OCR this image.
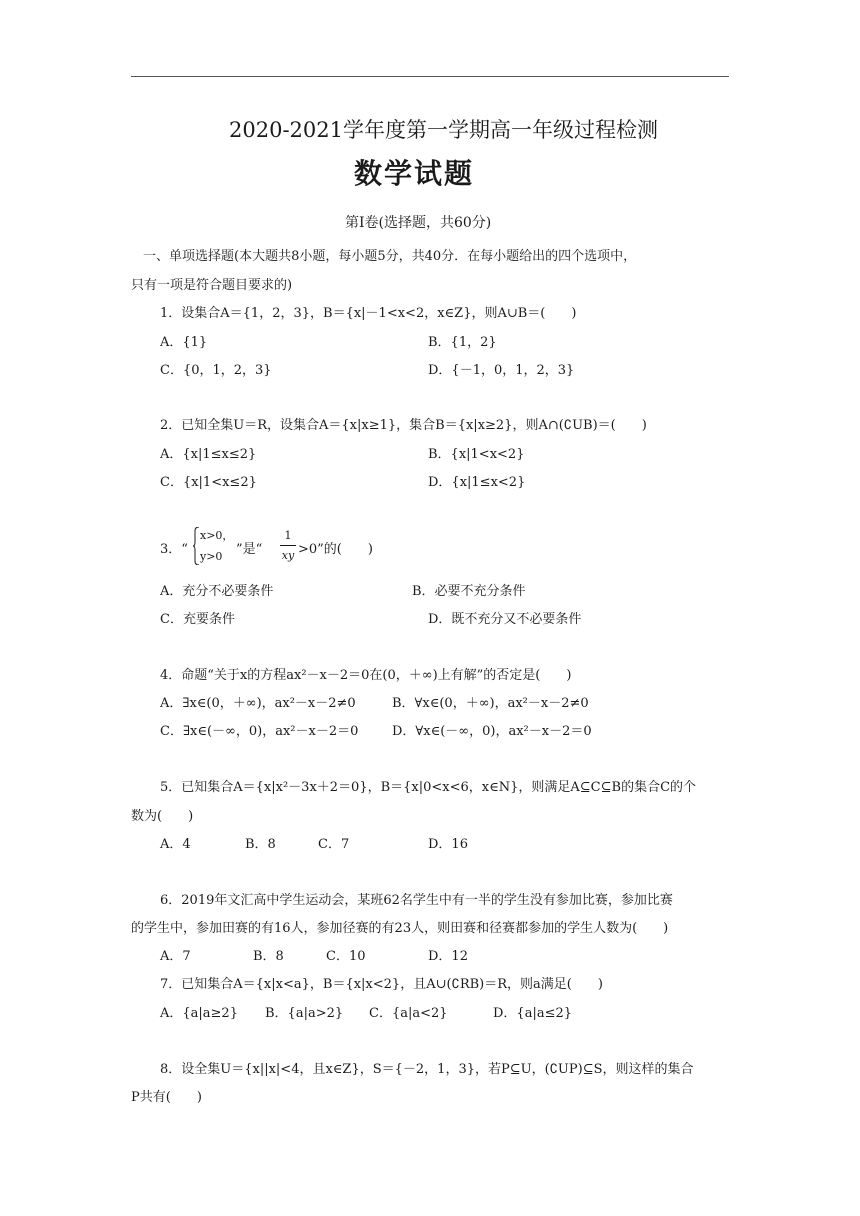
2020-2021学年度第一学期高一年级过程检测
数学试题
第Ⅰ卷(选择题，共60分)
一、单项选择题(本大题共8小题，每小题5分，共40分．在每小题给出的四个选项中，
只有一项是符合题目要求的)
1．设集合A＝{1，2，3}，B＝{x|－1<x<2，x∈Z}，则A∪B＝(　　)
A．{1}	B．{1，2}
C．{0，1，2，3}	D．{－1，0，1，2，3}
2．已知全集U＝R，设集合A＝{x|x≥1}，集合B＝{x|x≥2}，则A∩(∁UB)＝(　　)
A．{x|1≤x≤2}	B．{x|1<x<2}
C．{x|1<x≤2}	D．{x|1≤x<2}
3．“
x>0，
y>0 ”是“
1
xy >0”的(　　)
A．充分不必要条件	B．必要不充分条件
C．充要条件	D．既不充分又不必要条件
4．命题“关于x的方程ax²－x－2＝0在(0，＋∞)上有解”的否定是(　　)
A．∃x∈(0，＋∞)，ax²－x－2≠0	B．∀x∈(0，＋∞)，ax²－x－2≠0
C．∃x∈(－∞，0)，ax²－x－2＝0	D．∀x∈(－∞，0)，ax²－x－2＝0
5．已知集合A＝{x|x²－3x＋2＝0}，B＝{x|0<x<6，x∈N}，则满足A⊆C⊆B的集合C的个
数为(　　)
A．4	B．8	C．7	D．16
6．2019年文汇高中学生运动会，某班62名学生中有一半的学生没有参加比赛，参加比赛
的学生中，参加田赛的有16人，参加径赛的有23人，则田赛和径赛都参加的学生人数为(　　)
A．7	B．8	C．10	D．12
7．已知集合A＝{x|x<a}，B＝{x|x<2}，且A∪(∁RB)＝R，则a满足(　　)
A．{a|a≥2} B．{a|a>2} C．{a|a<2}	D．{a|a≤2}
8．设全集U＝{x||x|<4，且x∈Z}，S＝{－2，1，3}，若P⊆U，(∁UP)⊆S，则这样的集合
P共有(　　)
